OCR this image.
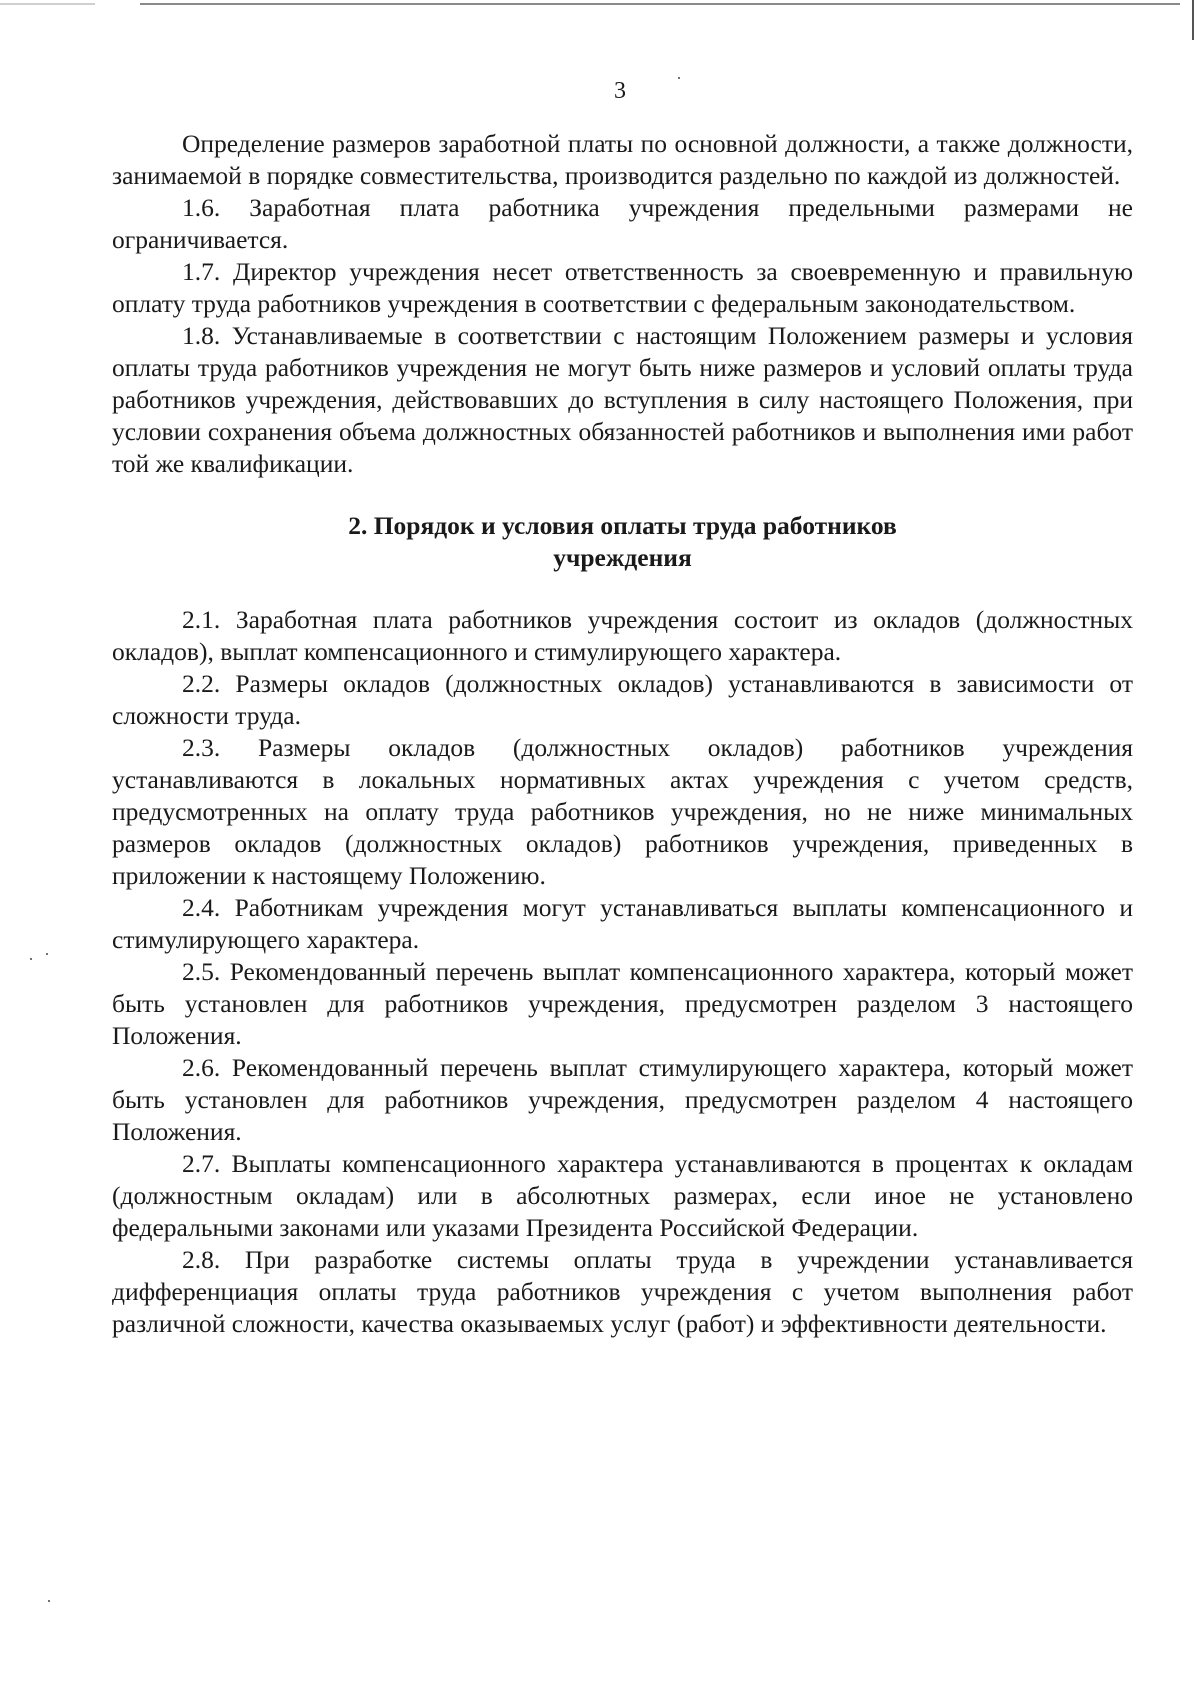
3

Определение размеров заработной платы по основной должности, а также должности, занимаемой в порядке совместительства, производится раздельно по каждой из должностей.

1.6. Заработная плата работника учреждения предельными размерами не ограничивается.

1.7. Директор учреждения несет ответственность за своевременную и правильную оплату труда работников учреждения в соответствии с федеральным законодательством.

1.8. Устанавливаемые в соответствии с настоящим Положением размеры и условия оплаты труда работников учреждения не могут быть ниже размеров и условий оплаты труда работников учреждения, действовавших до вступления в силу настоящего Положения, при условии сохранения объема должностных обязанностей работников и выполнения ими работ той же квалификации.

2. Порядок и условия оплаты труда работников
учреждения

2.1. Заработная плата работников учреждения состоит из окладов (должностных окладов), выплат компенсационного и стимулирующего характера.

2.2. Размеры окладов (должностных окладов) устанавливаются в зависимости от сложности труда.

2.3. Размеры окладов (должностных окладов) работников учреждения устанавливаются в локальных нормативных актах учреждения с учетом средств, предусмотренных на оплату труда работников учреждения, но не ниже минимальных размеров окладов (должностных окладов) работников учреждения, приведенных в приложении к настоящему Положению.

2.4. Работникам учреждения могут устанавливаться выплаты компенсационного и стимулирующего характера.

2.5. Рекомендованный перечень выплат компенсационного характера, который может быть установлен для работников учреждения, предусмотрен разделом 3 настоящего Положения.

2.6. Рекомендованный перечень выплат стимулирующего характера, который может быть установлен для работников учреждения, предусмотрен разделом 4 настоящего Положения.

2.7. Выплаты компенсационного характера устанавливаются в процентах к окладам (должностным окладам) или в абсолютных размерах, если иное не установлено федеральными законами или указами Президента Российской Федерации.

2.8. При разработке системы оплаты труда в учреждении устанавливается дифференциация оплаты труда работников учреждения с учетом выполнения работ различной сложности, качества оказываемых услуг (работ) и эффективности деятельности.
